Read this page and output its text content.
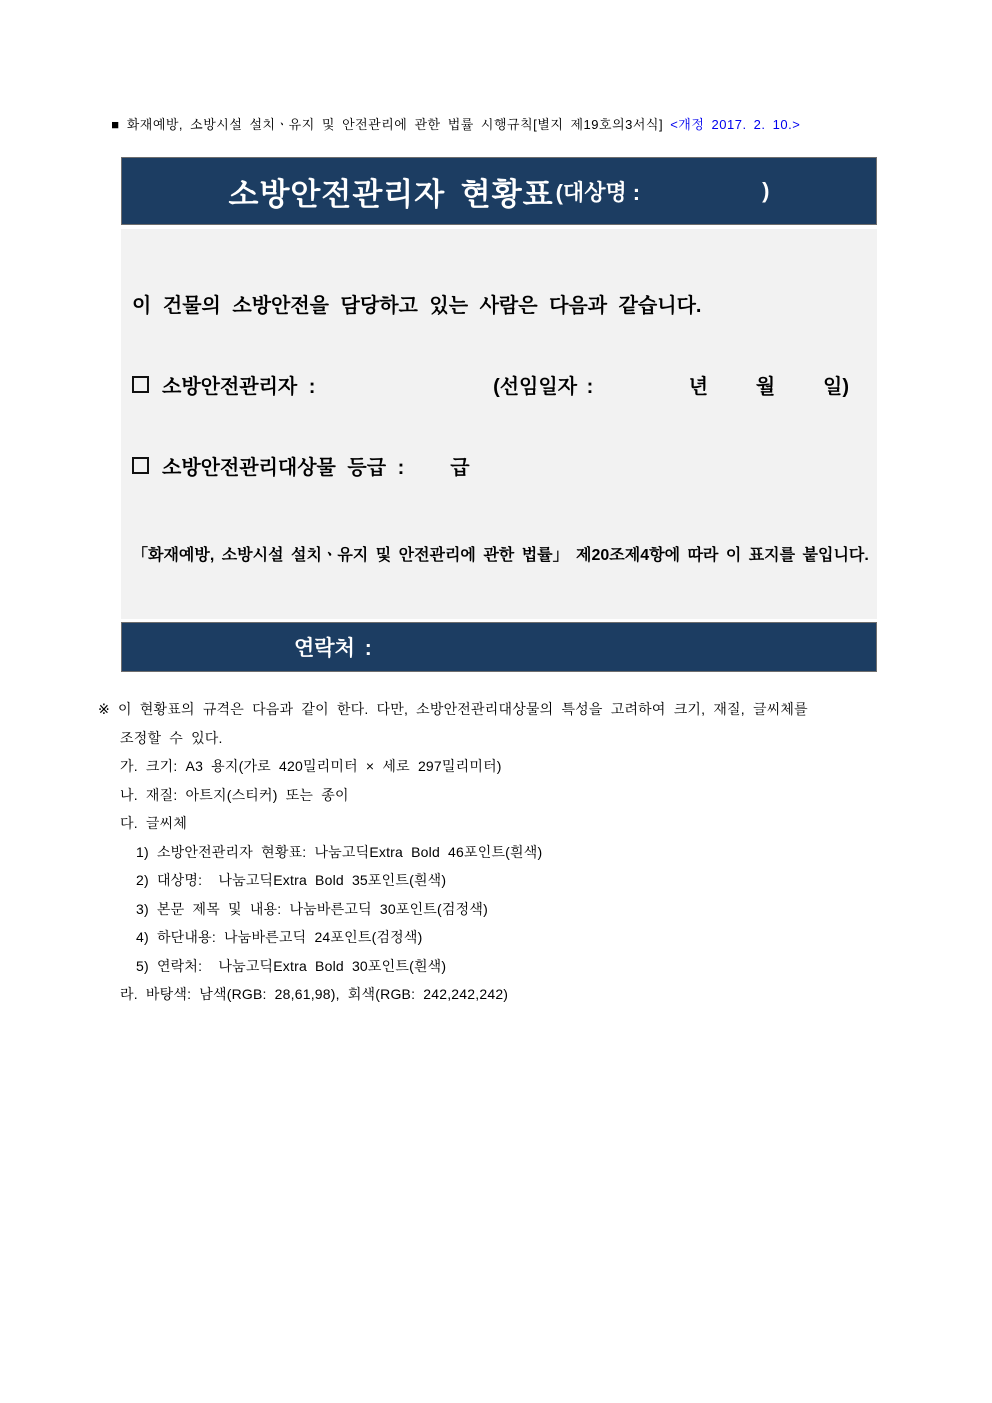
■ 화재예방, 소방시설 설치ㆍ유지 및 안전관리에 관한 법률 시행규칙[별지 제19호의3서식] <개정 2017. 2. 10.>

소방안전관리자 현황표 (대상명 :	)
이 건물의 소방안전을 담당하고 있는 사람은 다음과 같습니다.
소방안전관리자 :	(선임일자 :          년     월     일)
소방안전관리대상물 등급 : 급
「화재예방, 소방시설 설치ㆍ유지 및 안전관리에 관한 법률」 제20조제4항에 따라 이 표지를 붙입니다.
연락처 :
※ 이 현황표의 규격은 다음과 같이 한다. 다만, 소방안전관리대상물의 특성을 고려하여 크기, 재질, 글씨체를
조정할 수 있다.
가. 크기: A3 용지(가로 420밀리미터 × 세로 297밀리미터)
나. 재질: 아트지(스티커) 또는 종이
다. 글씨체
1) 소방안전관리자 현황표: 나눔고딕Extra Bold 46포인트(흰색)
2) 대상명:  나눔고딕Extra Bold 35포인트(흰색)
3) 본문 제목 및 내용: 나눔바른고딕 30포인트(검정색)
4) 하단내용: 나눔바른고딕 24포인트(검정색)
5) 연락처:  나눔고딕Extra Bold 30포인트(흰색)
라. 바탕색: 남색(RGB: 28,61,98), 회색(RGB: 242,242,242)
